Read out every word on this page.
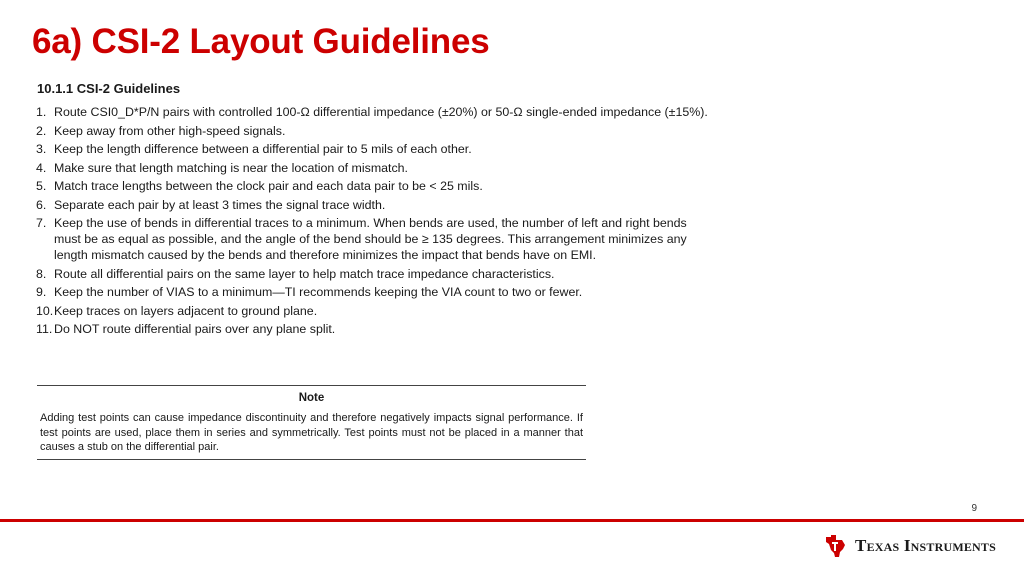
6a) CSI-2 Layout Guidelines
10.1.1 CSI-2 Guidelines
1. Route CSI0_D*P/N pairs with controlled 100-Ω differential impedance (±20%) or 50-Ω single-ended impedance (±15%).
2. Keep away from other high-speed signals.
3. Keep the length difference between a differential pair to 5 mils of each other.
4. Make sure that length matching is near the location of mismatch.
5. Match trace lengths between the clock pair and each data pair to be < 25 mils.
6. Separate each pair by at least 3 times the signal trace width.
7. Keep the use of bends in differential traces to a minimum. When bends are used, the number of left and right bends must be as equal as possible, and the angle of the bend should be ≥ 135 degrees. This arrangement minimizes any length mismatch caused by the bends and therefore minimizes the impact that bends have on EMI.
8. Route all differential pairs on the same layer to help match trace impedance characteristics.
9. Keep the number of VIAS to a minimum—TI recommends keeping the VIA count to two or fewer.
10. Keep traces on layers adjacent to ground plane.
11. Do NOT route differential pairs over any plane split.
Note

Adding test points can cause impedance discontinuity and therefore negatively impacts signal performance. If test points are used, place them in series and symmetrically. Test points must not be placed in a manner that causes a stub on the differential pair.

9
Texas Instruments
